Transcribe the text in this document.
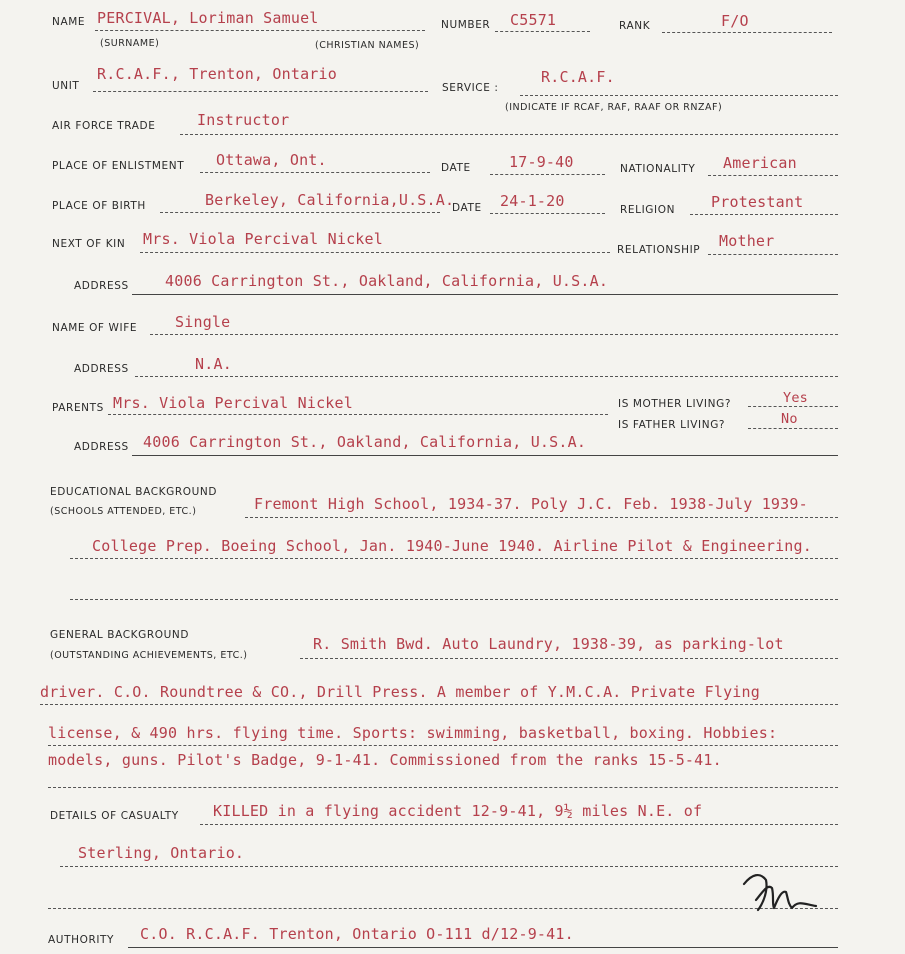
NAME PERCIVAL, Loriman Samuel
(SURNAME)	(CHRISTIAN NAMES)
NUMBER C5571	RANK	F/O
UNIT
R.C.A.F., Trenton, Ontario
SERVICE :
R.C.A.F.
(INDICATE IF RCAF, RAF, RAAF OR RNZAF)
AIR FORCE TRADE	Instructor
PLACE OF ENLISTMENT Ottawa, Ont.	DATE	17-9-40	NATIONALITY American
PLACE OF BIRTH	Berkeley, California,U.S.A.
DATE 24-1-20	RELIGION Protestant
NEXT OF KIN Mrs. Viola Percival Nickel
RELATIONSHIP Mother
ADDRESS 4006 Carrington St., Oakland, California, U.S.A.
NAME OF WIFE	Single
ADDRESS	N.A.
PARENTS Mrs. Viola Percival Nickel	IS MOTHER LIVING?	Yes
IS FATHER LIVING?	No
ADDRESS 4006 Carrington St., Oakland, California, U.S.A.
EDUCATIONAL BACKGROUND
(SCHOOLS ATTENDED, ETC.)	Fremont High School, 1934-37. Poly J.C. Feb. 1938-July 1939-
College Prep. Boeing School, Jan. 1940-June 1940. Airline Pilot & Engineering.
GENERAL BACKGROUND
(OUTSTANDING ACHIEVEMENTS, ETC.)
R. Smith Bwd. Auto Laundry, 1938-39, as parking-lot
driver. C.O. Roundtree & CO., Drill Press. A member of Y.M.C.A. Private Flying
license, & 490 hrs. flying time. Sports: swimming, basketball, boxing. Hobbies:
models, guns. Pilot's Badge, 9-1-41. Commissioned from the ranks 15-5-41.
DETAILS OF CASUALTY KILLED in a flying accident 12-9-41, 9½ miles N.E. of
Sterling, Ontario.
AUTHORITY C.O. R.C.A.F. Trenton, Ontario O-111 d/12-9-41.
